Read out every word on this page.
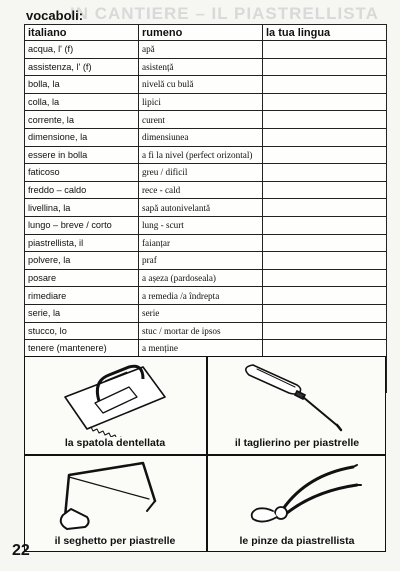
IN CANTIERE – IL PIASTRELLISTA
vocaboli:
italiano	rumeno	la tua lingua
acqua, l' (f)	apă	
assistenza, l' (f)	asistență	
bolla, la	nivelă cu bulă	
colla, la	lipici	
corrente, la	curent	
dimensione, la	dimensiunea	
essere in bolla	a fi la nivel (perfect orizontal)	
faticoso	greu / dificil	
freddo – caldo	rece - cald	
livellina, la	sapă autonivelantă	
lungo – breve / corto	lung - scurt	
piastrellista, il	faianțar	
polvere, la	praf	
posare	a așeza (pardoseala)	
rimediare	a remedia /a îndrepta	
serie, la	serie	
stucco, lo	stuc / mortar de ipsos	
tenere (mantenere)	a menține	

la spatola dentellata	il taglierino per piastrelle
il seghetto per piastrelle	le pinze da piastrellista
22
